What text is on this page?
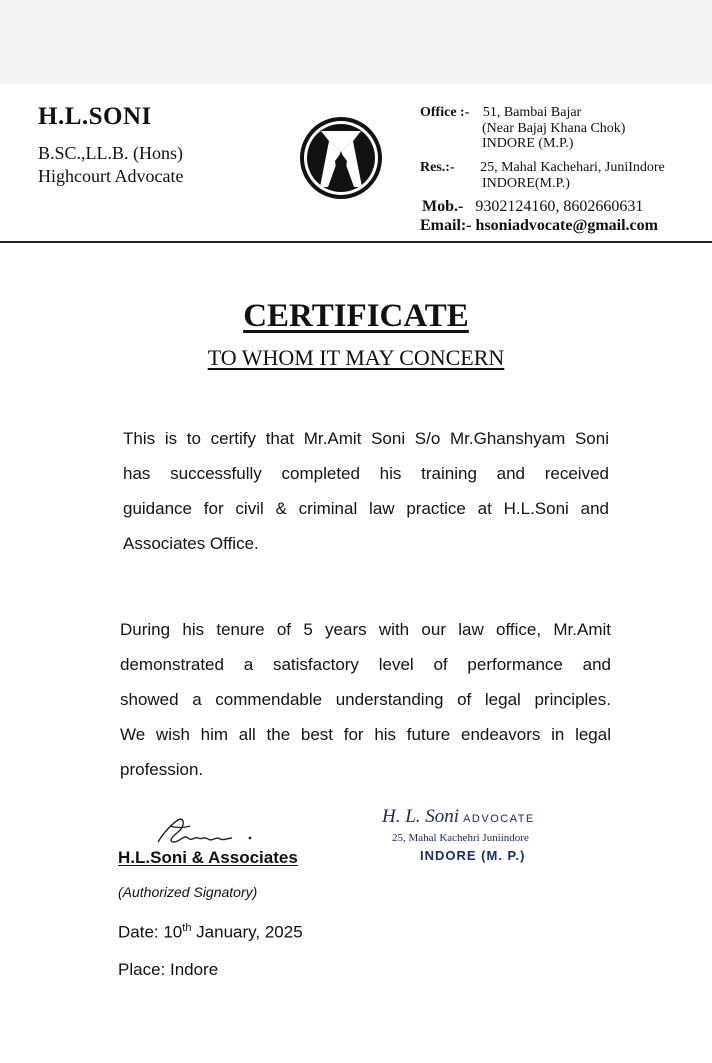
H.L.SONI
B.SC.,LL.B. (Hons)
Highcourt Advocate
Office :- 51, Bambai Bajar
(Near Bajaj Khana Chok)
INDORE (M.P.)
Res.:- 25, Mahal Kachehari, JuniIndore
INDORE(M.P.)
Mob.- 9302124160, 8602660631
Email:- hsoniadvocate@gmail.com
CERTIFICATE
TO WHOM IT MAY CONCERN
This is to certify that Mr.Amit Soni S/o Mr.Ghanshyam Soni
has successfully completed his training and received
guidance for civil & criminal law practice at H.L.Soni and
Associates Office.
During his tenure of 5 years with our law office, Mr.Amit
demonstrated a satisfactory level of performance and
showed a commendable understanding of legal principles.
We wish him all the best for his future endeavors in legal
profession.
H.L.Soni & Associates
(Authorized Signatory)
Date: 10th January, 2025
Place: Indore
H. L. Soni ADVOCATE
25, Mahal Kachehri Juniindore
INDORE (M. P.)
